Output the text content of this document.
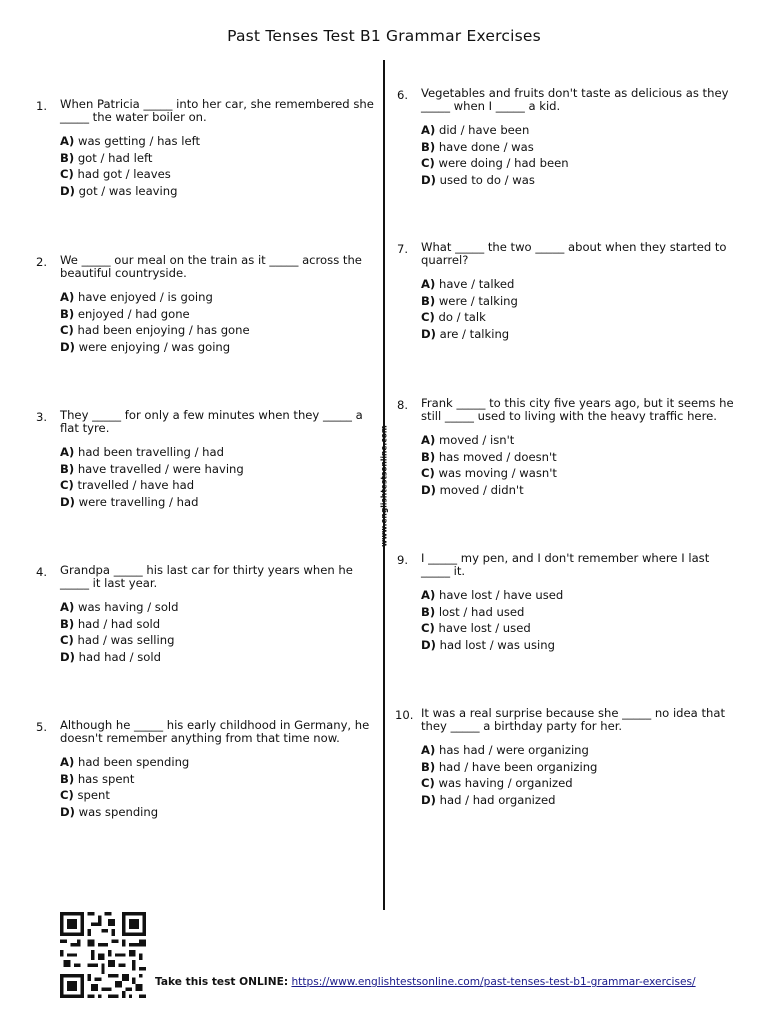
Past Tenses Test B1 Grammar Exercises
www.englishtestsonline.com
1. When Patricia _____ into her car, she remembered she _____ the water boiler on.
A) was getting / has left
B) got / had left
C) had got / leaves
D) got / was leaving
2. We _____ our meal on the train as it _____ across the beautiful countryside.
A) have enjoyed / is going
B) enjoyed / had gone
C) had been enjoying / has gone
D) were enjoying / was going
3. They _____ for only a few minutes when they _____ a flat tyre.
A) had been travelling / had
B) have travelled / were having
C) travelled / have had
D) were travelling / had
4. Grandpa _____ his last car for thirty years when he _____ it last year.
A) was having / sold
B) had / had sold
C) had / was selling
D) had had / sold
5. Although he _____ his early childhood in Germany, he doesn't remember anything from that time now.
A) had been spending
B) has spent
C) spent
D) was spending
6. Vegetables and fruits don't taste as delicious as they _____ when I _____ a kid.
A) did / have been
B) have done / was
C) were doing / had been
D) used to do / was
7. What _____ the two _____ about when they started to quarrel?
A) have / talked
B) were / talking
C) do / talk
D) are / talking
8. Frank _____ to this city five years ago, but it seems he still _____ used to living with the heavy traffic here.
A) moved / isn't
B) has moved / doesn't
C) was moving / wasn't
D) moved / didn't
9. I _____ my pen, and I don't remember where I last _____ it.
A) have lost / have used
B) lost / had used
C) have lost / used
D) had lost / was using
10. It was a real surprise because she _____ no idea that they _____ a birthday party for her.
A) has had / were organizing
B) had / have been organizing
C) was having / organized
D) had / had organized
Take this test ONLINE: https://www.englishtestsonline.com/past-tenses-test-b1-grammar-exercises/
